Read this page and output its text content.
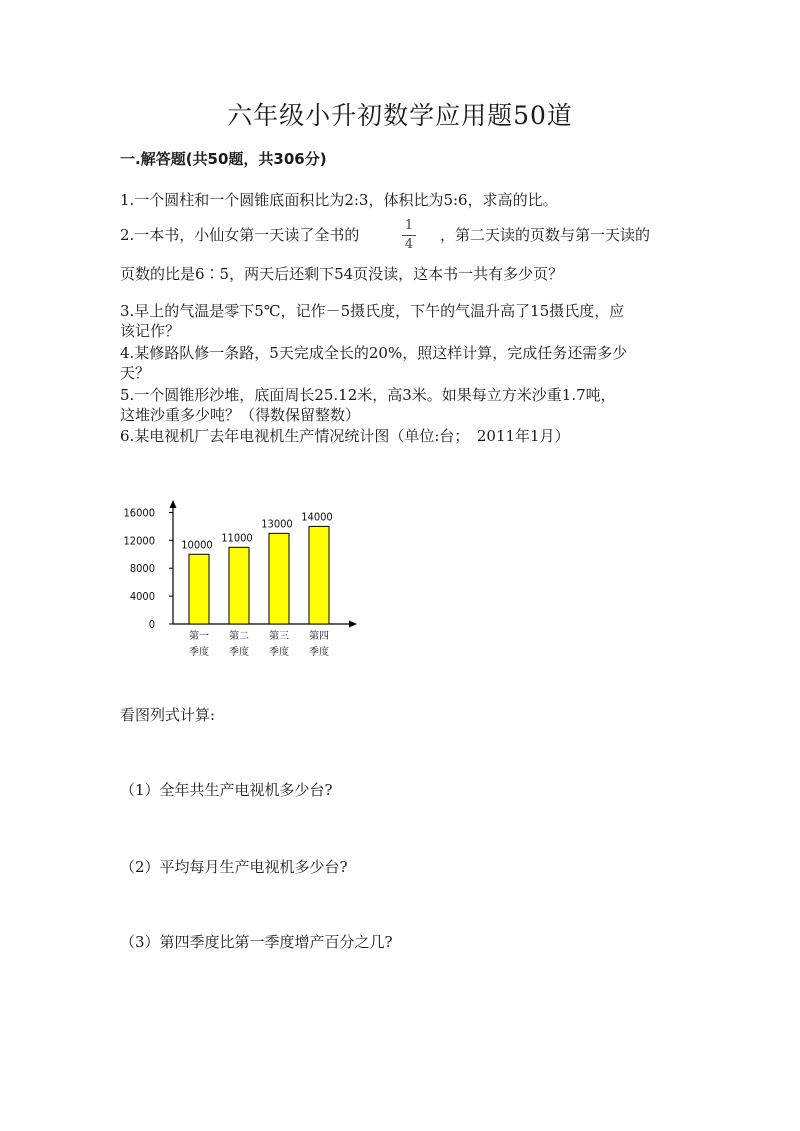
六年级小升初数学应用题50道
一.解答题(共50题，共306分)
1.一个圆柱和一个圆锥底面积比为2:3，体积比为5:6，求高的比。
2.一本书，小仙女第一天读了全书的
1
4
，第二天读的页数与第一天读的
页数的比是6∶5，两天后还剩下54页没读，这本书一共有多少页？
3.早上的气温是零下5℃，记作－5摄氏度，下午的气温升高了15摄氏度，应
该记作？
4.某修路队修一条路，5天完成全长的20%，照这样计算，完成任务还需多少
天？
5.一个圆锥形沙堆，底面周长25.12米，高3米。如果每立方米沙重1.7吨，
这堆沙重多少吨？（得数保留整数）
6.某电视机厂去年电视机生产情况统计图（单位:台；　2011年1月）
0
4000
8000
12000
16000
10000
第一
季度
11000
第二
季度
13000
第三
季度
14000
第四
季度
看图列式计算:
（1）全年共生产电视机多少台?
（2）平均每月生产电视机多少台?
（3）第四季度比第一季度增产百分之几?
